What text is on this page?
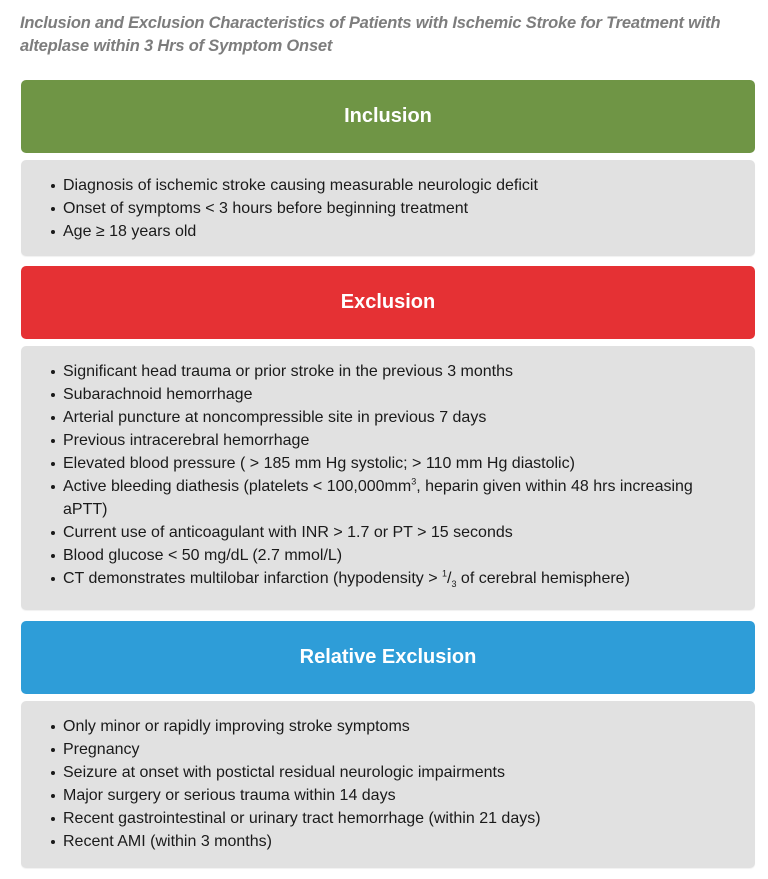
Inclusion and Exclusion Characteristics of Patients with Ischemic Stroke for Treatment with alteplase within 3 Hrs of Symptom Onset
Inclusion
Diagnosis of ischemic stroke causing measurable neurologic deficit
Onset of symptoms < 3 hours before beginning treatment
Age ≥ 18 years old
Exclusion
Significant head trauma or prior stroke in the previous 3 months
Subarachnoid hemorrhage
Arterial puncture at noncompressible site in previous 7 days
Previous intracerebral hemorrhage
Elevated blood pressure ( > 185 mm Hg systolic; > 110 mm Hg diastolic)
Active bleeding diathesis (platelets < $100,000mm^3$, heparin given within 48 hrs increasing aPTT)
Current use of anticoagulant with INR > 1.7 or PT > 15 seconds
Blood glucose < 50 mg/dL (2.7 mmol/L)
CT demonstrates multilobar infarction (hypodensity > $^1/_3$ of cerebral hemisphere)
Relative Exclusion
Only minor or rapidly improving stroke symptoms
Pregnancy
Seizure at onset with postictal residual neurologic impairments
Major surgery or serious trauma within 14 days
Recent gastrointestinal or urinary tract hemorrhage (within 21 days)
Recent AMI (within 3 months)
